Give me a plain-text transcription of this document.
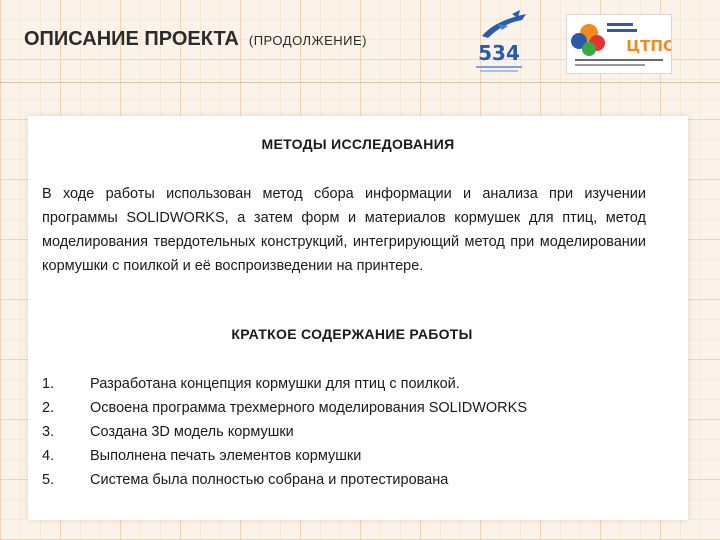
ОПИСАНИЕ ПРОЕКТА (ПРОДОЛЖЕНИЕ)
534	ЦТПО
МЕТОДЫ ИССЛЕДОВАНИЯ

В ходе работы использован метод сбора информации и анализа при изучении программы SOLIDWORKS, а затем форм и материалов кормушек для птиц, метод моделирования твердотельных конструкций, интегрирующий метод при моделировании кормушки с поилкой и её воспроизведении на принтере.

КРАТКОЕ СОДЕРЖАНИЕ РАБОТЫ
1.	Разработана концепция кормушки для птиц с поилкой.
2.	Освоена программа трехмерного моделирования SOLIDWORKS
3.	Создана 3D модель кормушки
4.	Выполнена печать элементов кормушки
5.	Система была полностью собрана и протестирована
